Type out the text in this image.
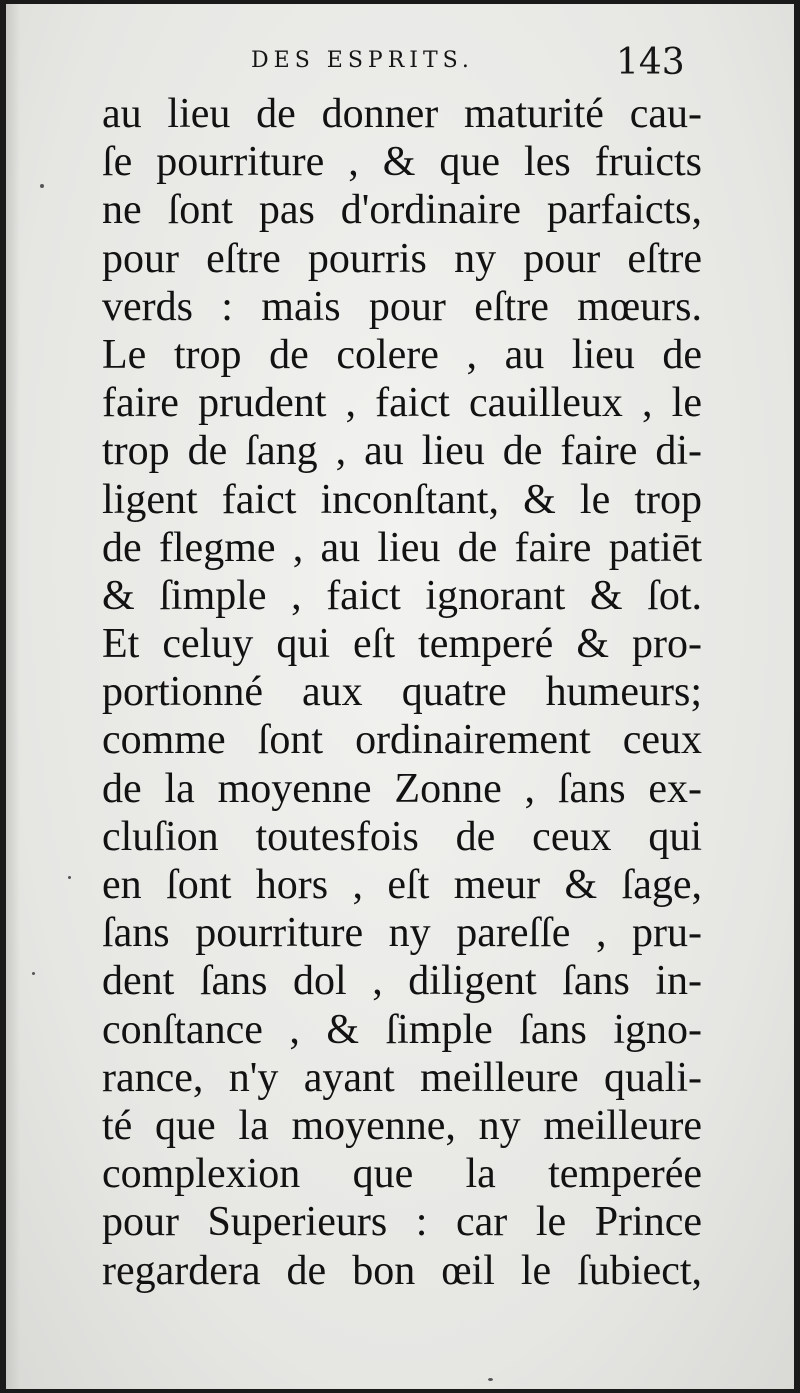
DES ESPRITS.	143
au lieu de donner maturité cau-
ſe pourriture , & que les fruicts
ne ſont pas d'ordinaire parfaicts,
pour eſtre pourris ny pour eſtre
verds : mais pour eſtre mœurs.
Le trop de colere , au lieu de
faire prudent , faict cauilleux , le
trop de ſang , au lieu de faire di-
ligent faict inconſtant, & le trop
de flegme , au lieu de faire patiēt
& ſimple , faict ignorant & ſot.
Et celuy qui eſt temperé & pro-
portionné aux quatre humeurs;
comme ſont ordinairement ceux
de la moyenne Zonne , ſans ex-
cluſion toutesfois de ceux qui
en ſont hors , eſt meur & ſage,
ſans pourriture ny pareſſe , pru-
dent ſans dol , diligent ſans in-
conſtance , & ſimple ſans igno-
rance, n'y ayant meilleure quali-
té que la moyenne, ny meilleure
complexion que la temperée
pour Superieurs : car le Prince
regardera de bon œil le ſubiect,
